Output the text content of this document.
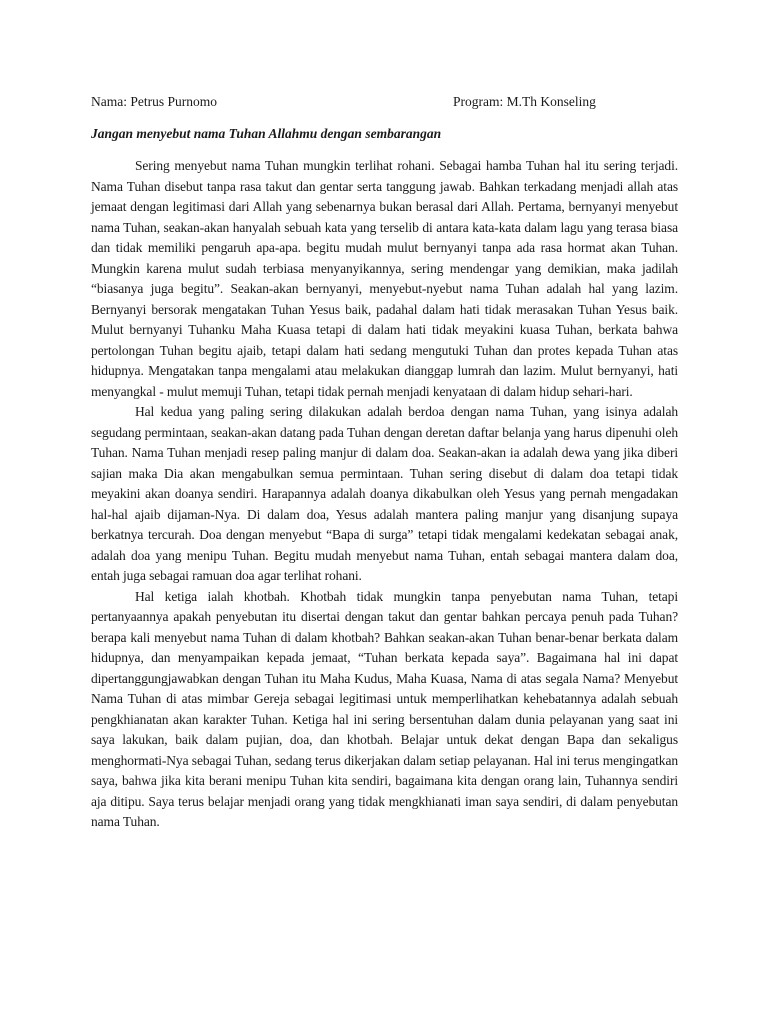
Nama: Petrus Purnomo	Program: M.Th Konseling
Jangan menyebut nama Tuhan Allahmu dengan sembarangan

Sering menyebut nama Tuhan mungkin terlihat rohani. Sebagai hamba Tuhan hal itu sering terjadi. Nama Tuhan disebut tanpa rasa takut dan gentar serta tanggung jawab. Bahkan terkadang menjadi allah atas jemaat dengan legitimasi dari Allah yang sebenarnya bukan berasal dari Allah. Pertama, bernyanyi menyebut nama Tuhan, seakan-akan hanyalah sebuah kata yang terselib di antara kata-kata dalam lagu yang terasa biasa dan tidak memiliki pengaruh apa-apa. begitu mudah mulut bernyanyi tanpa ada rasa hormat akan Tuhan. Mungkin karena mulut sudah terbiasa menyanyikannya, sering mendengar yang demikian, maka jadilah “biasanya juga begitu”. Seakan-akan bernyanyi, menyebut-nyebut nama Tuhan adalah hal yang lazim. Bernyanyi bersorak mengatakan Tuhan Yesus baik, padahal dalam hati tidak merasakan Tuhan Yesus baik. Mulut bernyanyi Tuhanku Maha Kuasa tetapi di dalam hati tidak meyakini kuasa Tuhan, berkata bahwa pertolongan Tuhan begitu ajaib, tetapi dalam hati sedang mengutuki Tuhan dan protes kepada Tuhan atas hidupnya. Mengatakan tanpa mengalami atau melakukan dianggap lumrah dan lazim. Mulut bernyanyi, hati menyangkal - mulut memuji Tuhan, tetapi tidak pernah menjadi kenyataan di dalam hidup sehari-hari.

Hal kedua yang paling sering dilakukan adalah berdoa dengan nama Tuhan, yang isinya adalah segudang permintaan, seakan-akan datang pada Tuhan dengan deretan daftar belanja yang harus dipenuhi oleh Tuhan. Nama Tuhan menjadi resep paling manjur di dalam doa. Seakan-akan ia adalah dewa yang jika diberi sajian maka Dia akan mengabulkan semua permintaan. Tuhan sering disebut di dalam doa tetapi tidak meyakini akan doanya sendiri. Harapannya adalah doanya dikabulkan oleh Yesus yang pernah mengadakan hal-hal ajaib dijaman-Nya. Di dalam doa, Yesus adalah mantera paling manjur yang disanjung supaya berkatnya tercurah. Doa dengan menyebut “Bapa di surga” tetapi tidak mengalami kedekatan sebagai anak, adalah doa yang menipu Tuhan. Begitu mudah menyebut nama Tuhan, entah sebagai mantera dalam doa, entah juga sebagai ramuan doa agar terlihat rohani.

Hal ketiga ialah khotbah. Khotbah tidak mungkin tanpa penyebutan nama Tuhan, tetapi pertanyaannya apakah penyebutan itu disertai dengan takut dan gentar bahkan percaya penuh pada Tuhan? berapa kali menyebut nama Tuhan di dalam khotbah? Bahkan seakan-akan Tuhan benar-benar berkata dalam hidupnya, dan menyampaikan kepada jemaat, “Tuhan berkata kepada saya”. Bagaimana hal ini dapat dipertanggungjawabkan dengan Tuhan itu Maha Kudus, Maha Kuasa, Nama di atas segala Nama? Menyebut Nama Tuhan di atas mimbar Gereja sebagai legitimasi untuk memperlihatkan kehebatannya adalah sebuah pengkhianatan akan karakter Tuhan. Ketiga hal ini sering bersentuhan dalam dunia pelayanan yang saat ini saya lakukan, baik dalam pujian, doa, dan khotbah. Belajar untuk dekat dengan Bapa dan sekaligus menghormati-Nya sebagai Tuhan, sedang terus dikerjakan dalam setiap pelayanan. Hal ini terus mengingatkan saya, bahwa jika kita berani menipu Tuhan kita sendiri, bagaimana kita dengan orang lain, Tuhannya sendiri aja ditipu. Saya terus belajar menjadi orang yang tidak mengkhianati iman saya sendiri, di dalam penyebutan nama Tuhan.
